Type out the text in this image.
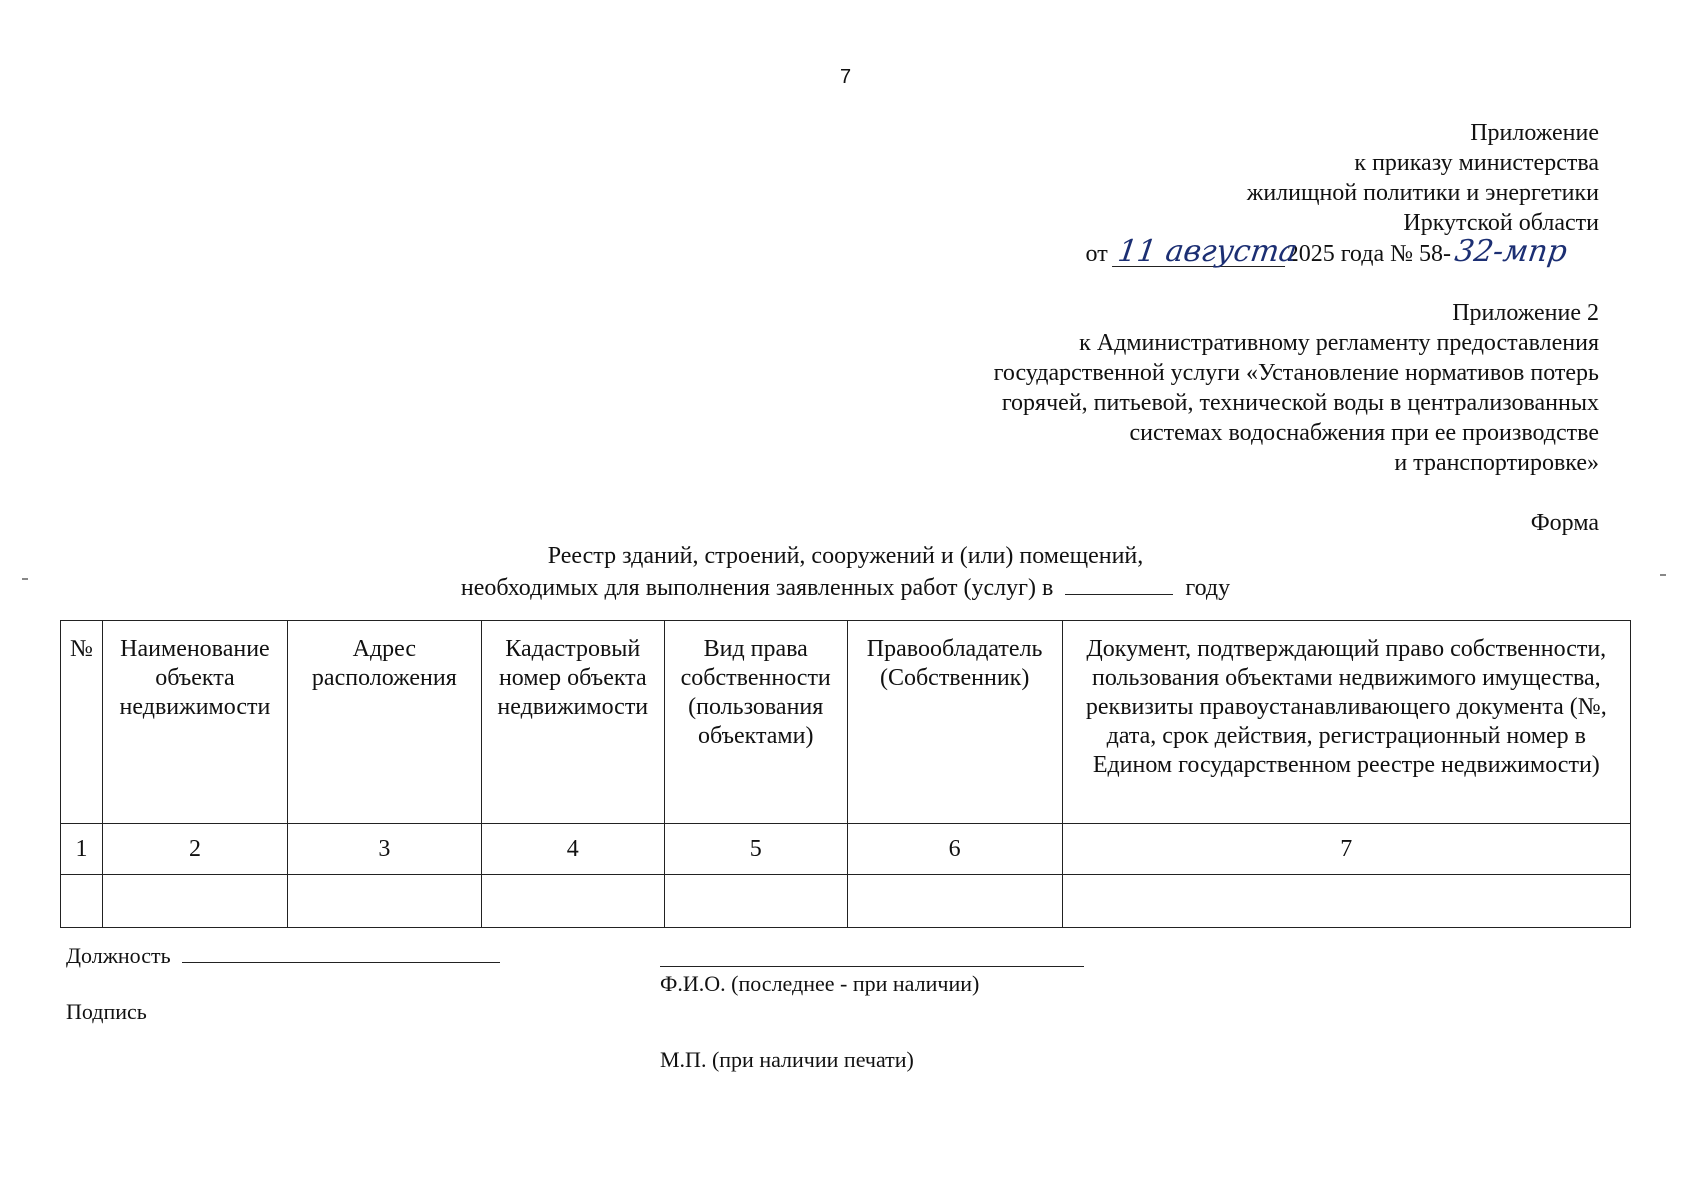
7
Приложение
к приказу министерства
жилищной политики и энергетики
Иркутской области
от 11 августа2025 года № 58-32-мпр
Приложение 2
к Административному регламенту предоставления
государственной услуги «Установление нормативов потерь
горячей, питьевой, технической воды в централизованных
системах водоснабжения при ее производстве
и транспортировке»
Форма
Реестр зданий, строений, сооружений и (или) помещений,
необходимых для выполнения заявленных работ (услуг) в	году
№	Наименование объекта недвижимости	Адрес расположения	Кадастровый номер объекта недвижимости	Вид права собственности (пользования объектами)	Правообладатель (Собственник)	Документ, подтверждающий право собственности, пользования объектами недвижимого имущества, реквизиты правоустанавливающего документа (№, дата, срок действия, регистрационный номер в Едином государственном реестре недвижимости)
1	2	3	4	5	6	7

Должность
Ф.И.О. (последнее - при наличии)
Подпись
М.П. (при наличии печати)
